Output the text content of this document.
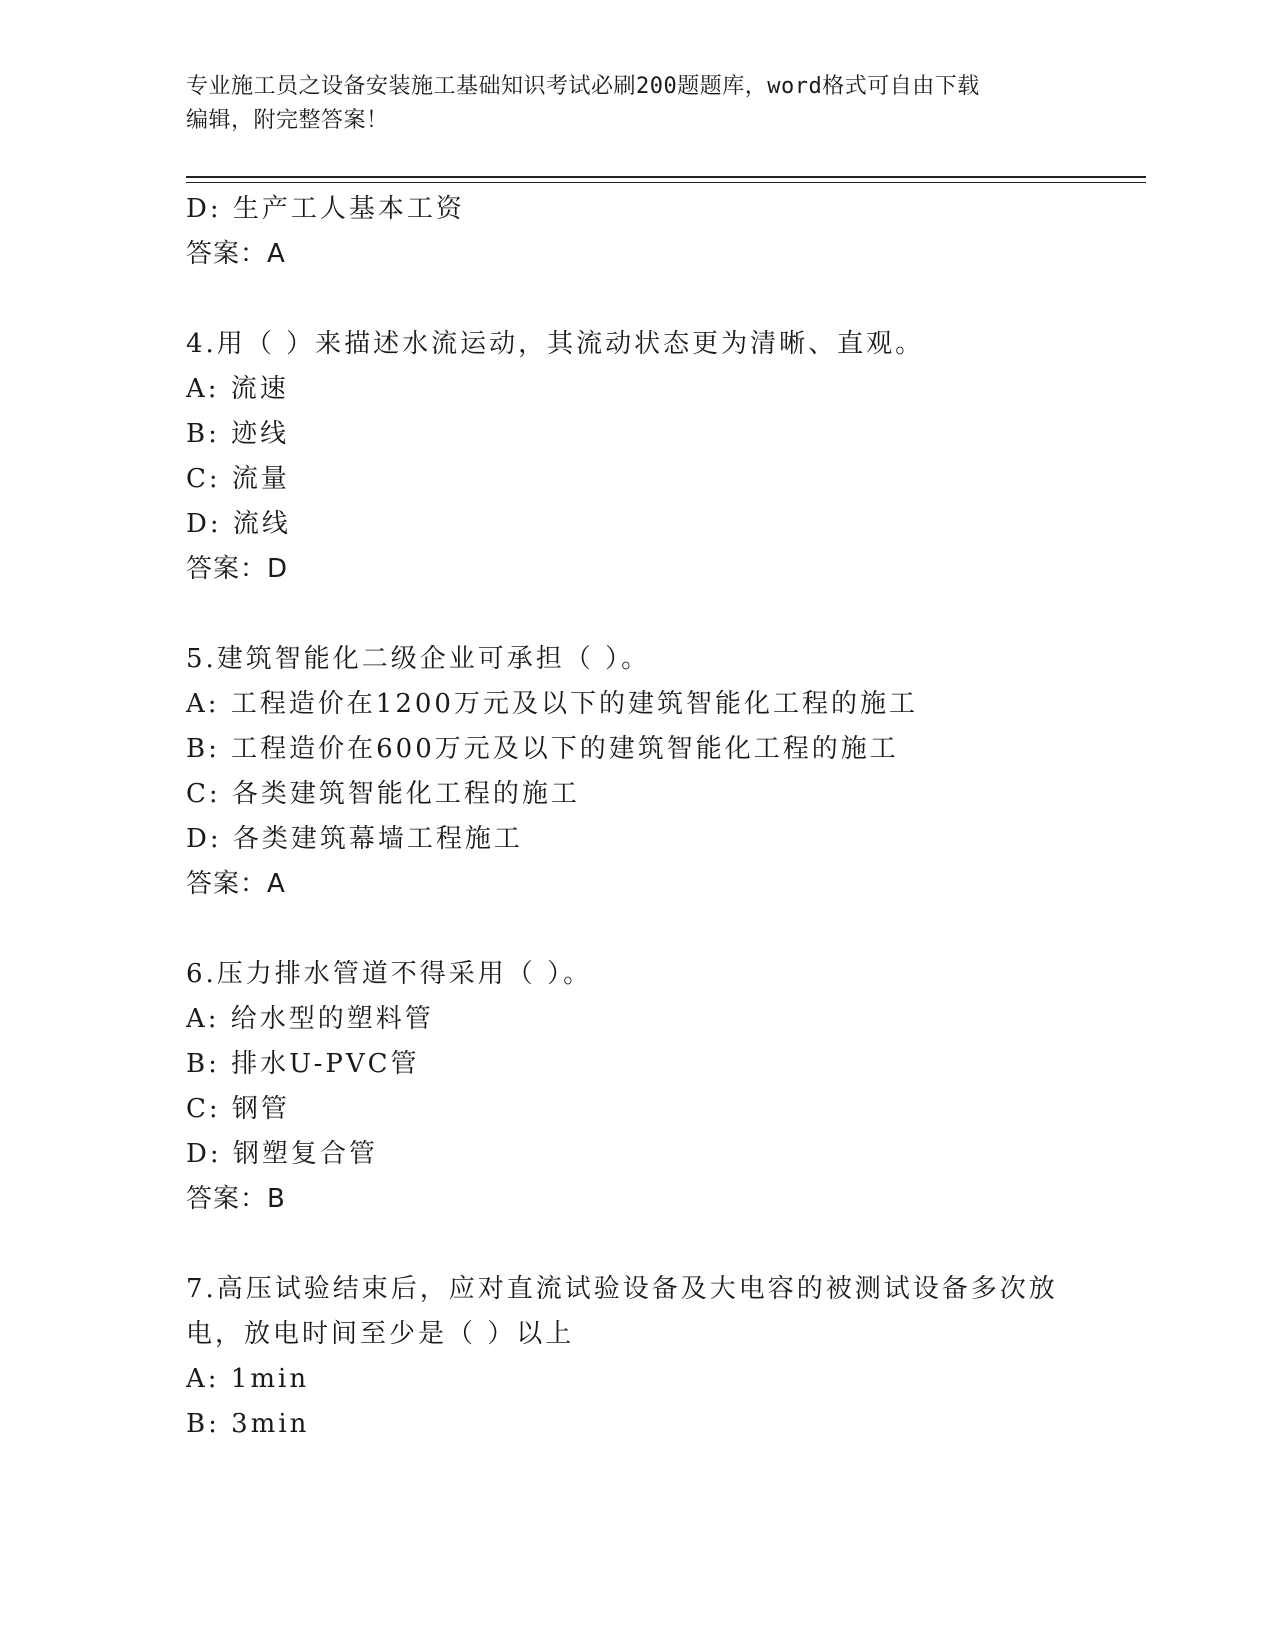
专业施工员之设备安装施工基础知识考试必刷200题题库，word格式可自由下载
编辑，附完整答案！
D: 生产工人基本工资
答案：A
4.用（ ）来描述水流运动，其流动状态更为清晰、直观。
A: 流速
B: 迹线
C: 流量
D: 流线
答案：D
5.建筑智能化二级企业可承担（ ）。
A: 工程造价在1200万元及以下的建筑智能化工程的施工
B: 工程造价在600万元及以下的建筑智能化工程的施工
C: 各类建筑智能化工程的施工
D: 各类建筑幕墙工程施工
答案：A
6.压力排水管道不得采用（ ）。
A: 给水型的塑料管
B: 排水U-PVC管
C: 钢管
D: 钢塑复合管
答案：B
7.高压试验结束后，应对直流试验设备及大电容的被测试设备多次放
电，放电时间至少是（ ）以上
A: 1min
B: 3min
